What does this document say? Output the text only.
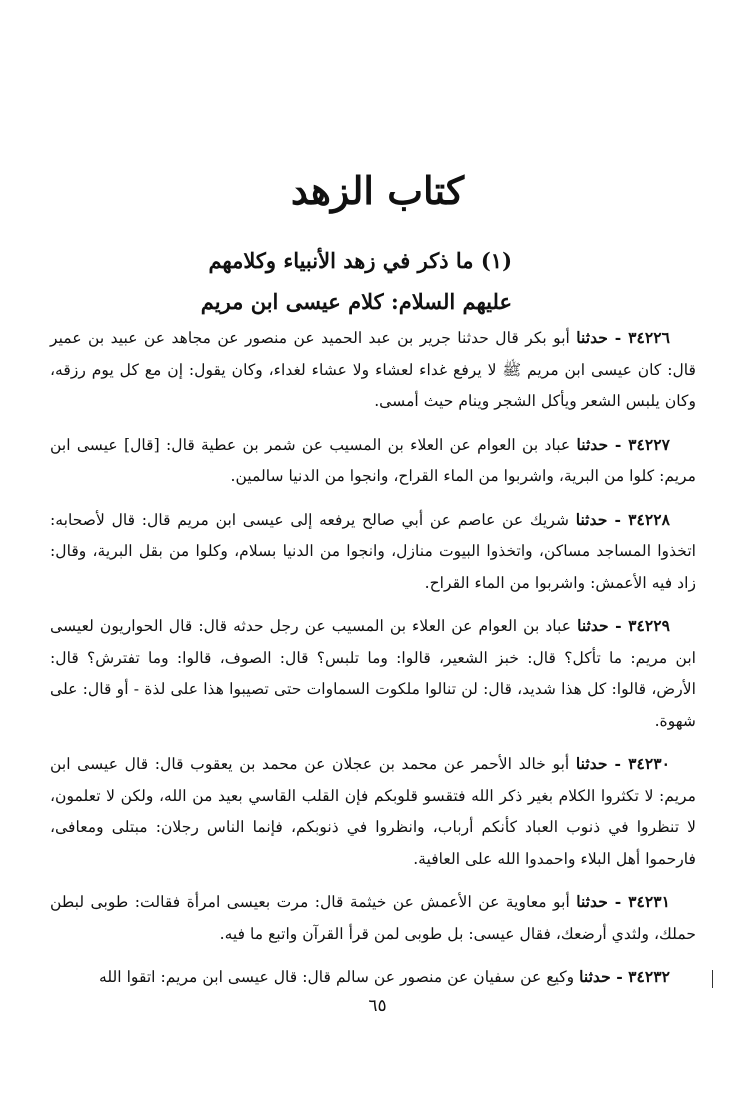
كتاب الزهد
(١) ما ذكر في زهد الأنبياء وكلامهم
عليهم السلام: كلام عيسى ابن مريم

٣٤٢٢٦ - حدثنا أبو بكر قال حدثنا جرير بن عبد الحميد عن منصور عن مجاهد عن عبيد بن عمير قال: كان عيسى ابن مريم ﷺ لا يرفع غداء لعشاء ولا عشاء لغداء، وكان يقول: إن مع كل يوم رزقه، وكان يلبس الشعر ويأكل الشجر وينام حيث أمسى.

٣٤٢٢٧ - حدثنا عباد بن العوام عن العلاء بن المسيب عن شمر بن عطية قال: [قال] عيسى ابن مريم: كلوا من البرية، واشربوا من الماء القراح، وانجوا من الدنيا سالمين.

٣٤٢٢٨ - حدثنا شريك عن عاصم عن أبي صالح يرفعه إلى عيسى ابن مريم قال: قال لأصحابه: اتخذوا المساجد مساكن، واتخذوا البيوت منازل، وانجوا من الدنيا بسلام، وكلوا من بقل البرية، وقال: زاد فيه الأعمش: واشربوا من الماء القراح.

٣٤٢٢٩ - حدثنا عباد بن العوام عن العلاء بن المسيب عن رجل حدثه قال: قال الحواريون لعيسى ابن مريم: ما تأكل؟ قال: خبز الشعير، قالوا: وما تلبس؟ قال: الصوف، قالوا: وما تفترش؟ قال: الأرض، قالوا: كل هذا شديد، قال: لن تنالوا ملكوت السماوات حتى تصيبوا هذا على لذة - أو قال: على شهوة.

٣٤٢٣٠ - حدثنا أبو خالد الأحمر عن محمد بن عجلان عن محمد بن يعقوب قال: قال عيسى ابن مريم: لا تكثروا الكلام بغير ذكر الله فتقسو قلوبكم فإن القلب القاسي بعيد من الله، ولكن لا تعلمون، لا تنظروا في ذنوب العباد كأنكم أرباب، وانظروا في ذنوبكم، فإنما الناس رجلان: مبتلى ومعافى، فارحموا أهل البلاء واحمدوا الله على العافية.

٣٤٢٣١ - حدثنا أبو معاوية عن الأعمش عن خيثمة قال: مرت بعيسى امرأة فقالت: طوبى لبطن حملك، ولثدي أرضعك، فقال عيسى: بل طوبى لمن قرأ القرآن واتبع ما فيه.

٣٤٢٣٢ - حدثنا وكيع عن سفيان عن منصور عن سالم قال: قال عيسى ابن مريم: اتقوا الله

٦٥
